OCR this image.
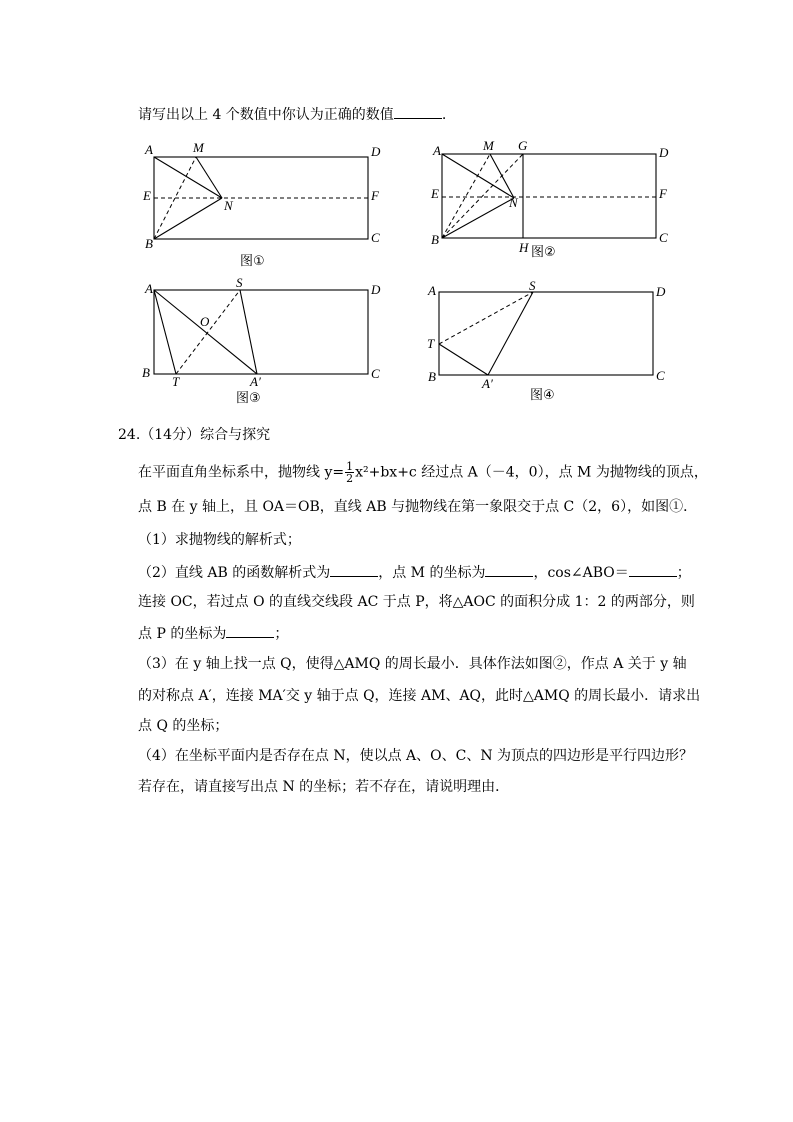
请写出以上 4 个数值中你认为正确的数值	.
A	M	D
E
N
F
B	C
图①
A	M G	D
E
N
F
B
H
C
图②
A	S	D
O
B
T	A′
C
图③
A	S	D
T
B	A′
C
图④
24.（14分）综合与探究
在平面直角坐标系中，抛物线 $y= \frac{1}{2} x^2+bx+c$ 经过点 A（－4，0），点 M 为抛物线的顶点，
点 B 在 y 轴上，且 OA＝OB，直线 AB 与抛物线在第一象限交于点 C（2，6），如图①．
（1）求抛物线的解析式；
（2）直线 AB 的函数解析式为	，点 M 的坐标为	，cos∠ABO＝	；
连接 OC，若过点 O 的直线交线段 AC 于点 P，将△AOC 的面积分成 1：2 的两部分，则
点 P 的坐标为	；
（3）在 y 轴上找一点 Q，使得△AMQ 的周长最小．具体作法如图②，作点 A 关于 y 轴
的对称点 A′，连接 MA′交 y 轴于点 Q，连接 AM、AQ，此时△AMQ 的周长最小．请求出
点 Q 的坐标；
（4）在坐标平面内是否存在点 N，使以点 A、O、C、N 为顶点的四边形是平行四边形？
若存在，请直接写出点 N 的坐标；若不存在，请说明理由．
